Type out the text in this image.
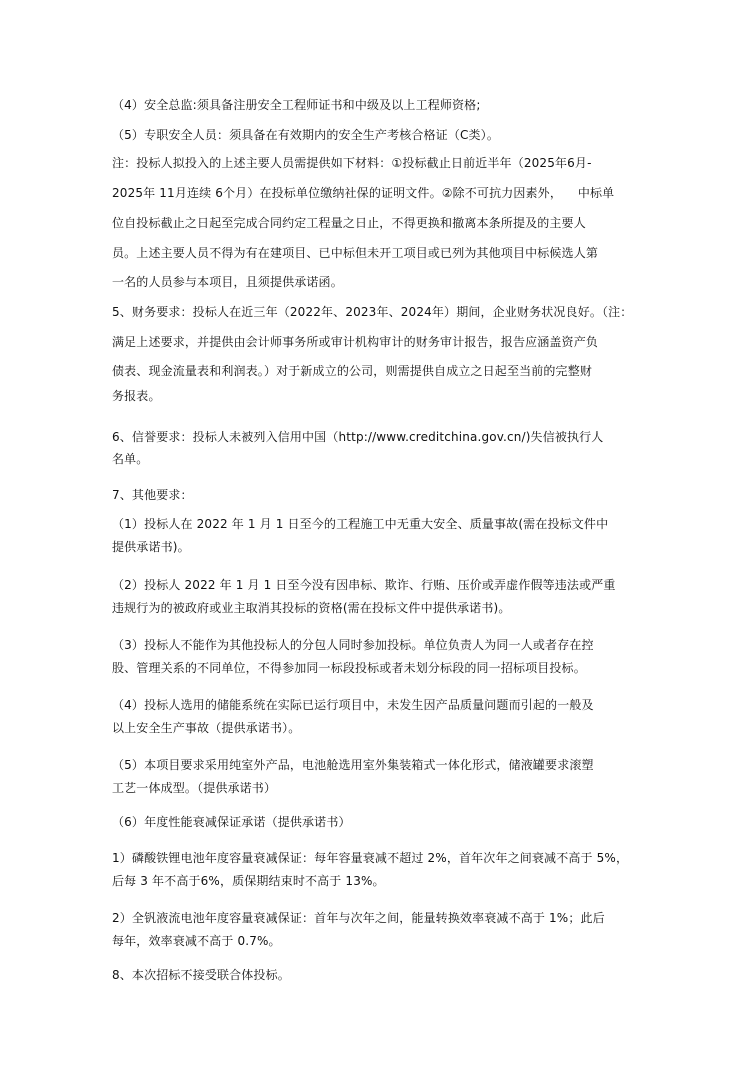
（4）安全总监:须具备注册安全工程师证书和中级及以上工程师资格;

（5）专职安全人员：须具备在有效期内的安全生产考核合格证（C类）。

注：投标人拟投入的上述主要人员需提供如下材料：①投标截止日前近半年（2025年6月-

2025年 11月连续 6个月）在投标单位缴纳社保的证明文件。②除不可抗力因素外，    中标单

位自投标截止之日起至完成合同约定工程量之日止，不得更换和撤离本条所提及的主要人

员。上述主要人员不得为有在建项目、已中标但未开工项目或已列为其他项目中标候选人第

一名的人员参与本项目，且须提供承诺函。

5、财务要求：投标人在近三年（2022年、2023年、2024年）期间，企业财务状况良好。（注：

满足上述要求，并提供由会计师事务所或审计机构审计的财务审计报告，报告应涵盖资产负

债表、现金流量表和利润表。）对于新成立的公司，则需提供自成立之日起至当前的完整财

务报表。

6、信誉要求：投标人未被列入信用中国（http://www.creditchina.gov.cn/)失信被执行人

名单。

7、其他要求：

（1）投标人在 2022 年 1 月 1 日至今的工程施工中无重大安全、质量事故(需在投标文件中

提供承诺书)。

（2）投标人 2022 年 1 月 1 日至今没有因串标、欺诈、行贿、压价或弄虚作假等违法或严重

违规行为的被政府或业主取消其投标的资格(需在投标文件中提供承诺书)。

（3）投标人不能作为其他投标人的分包人同时参加投标。单位负责人为同一人或者存在控

股、管理关系的不同单位，不得参加同一标段投标或者未划分标段的同一招标项目投标。

（4）投标人选用的储能系统在实际已运行项目中，未发生因产品质量问题而引起的一般及

以上安全生产事故（提供承诺书）。

（5）本项目要求采用纯室外产品，电池舱选用室外集装箱式一体化形式，储液罐要求滚塑

工艺一体成型。（提供承诺书）

（6）年度性能衰减保证承诺（提供承诺书）

1）磷酸铁锂电池年度容量衰减保证：每年容量衰减不超过 2%，首年次年之间衰减不高于 5%，

后每 3 年不高于6%，质保期结束时不高于 13%。

2）全钒液流电池年度容量衰减保证：首年与次年之间，能量转换效率衰减不高于 1%；此后

每年，效率衰减不高于 0.7%。

8、本次招标不接受联合体投标。
